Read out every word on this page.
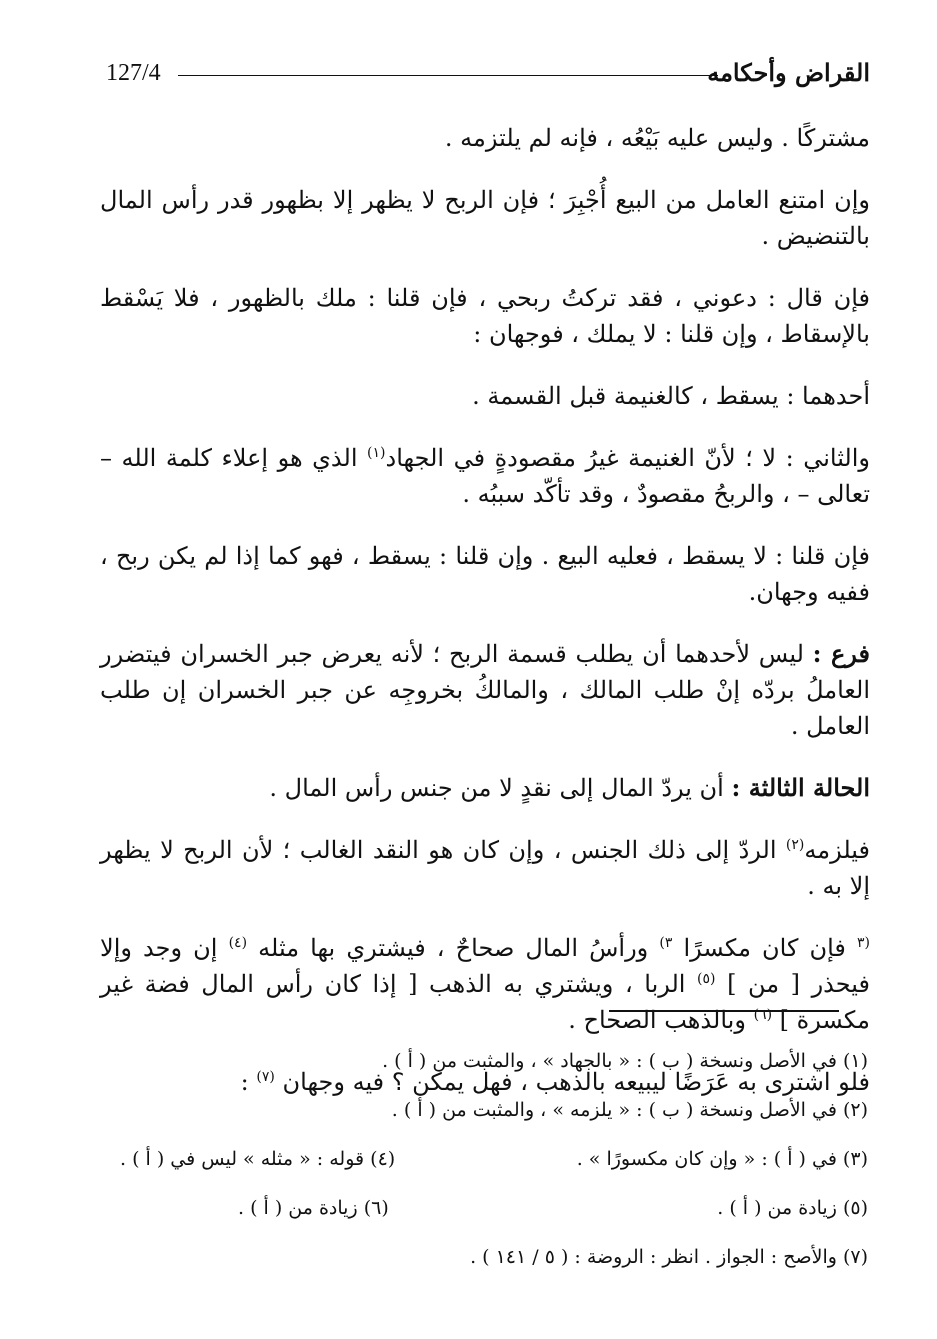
127/4	القراض وأحكامه

مشتركًا . وليس عليه بَيْعُه ، فإنه لم يلتزمه .

وإن امتنع العامل من البيع أُجْبِرَ ؛ فإن الربح لا يظهر إلا بظهور قدر رأس المال بالتنضيض .

فإن قال : دعوني ، فقد تركتُ ربحي ، فإن قلنا : ملك بالظهور ، فلا يَسْقط بالإسقاط ، وإن قلنا : لا يملك ، فوجهان :

أحدهما : يسقط ، كالغنيمة قبل القسمة .

والثاني : لا ؛ لأنّ الغنيمة غيرُ مقصودةٍ في الجهاد$^{(١)}$ الذي هو إعلاء كلمة الله – تعالى – ، والربحُ مقصودٌ ، وقد تأكّد سببُه .

فإن قلنا : لا يسقط ، فعليه البيع . وإن قلنا : يسقط ، فهو كما إذا لم يكن ربح ، ففيه وجهان.

فرع : ليس لأحدهما أن يطلب قسمة الربح ؛ لأنه يعرض جبر الخسران فيتضرر العاملُ بردّه إنْ طلب المالك ، والمالكُ بخروجِه عن جبر الخسران إن طلب العامل .

الحالة الثالثة : أن يردّ المال إلى نقدٍ لا من جنس رأس المال .

فيلزمه$^{(٢)}$ الردّ إلى ذلك الجنس ، وإن كان هو النقد الغالب ؛ لأن الربح لا يظهر إلا به .

$^{(٣}$ فإن كان مكسرًا $^{٣)}$ ورأسُ المال صحاحٌ ، فيشتري بها مثله $^{(٤)}$ إن وجد وإلا فيحذر [ من ] $^{(٥)}$ الربا ، ويشتري به الذهب [ إذا كان رأس المال فضة غير مكسرة ] $^{(٦)}$ وبالذهب الصحاح .

فلو اشترى به عَرَضًا ليبيعه بالذهب ، فهل يمكن ؟ فيه وجهان $^{(٧)}$ :

(١) في الأصل ونسخة ( ب ) : « بالجهاد » ، والمثبت من ( أ ) .
(٢) في الأصل ونسخة ( ب ) : « يلزمه » ، والمثبت من ( أ ) .
(٣) في ( أ ) : « وإن كان مكسورًا » .
(٤) قوله : « مثله » ليس في ( أ ) .
(٥) زيادة من ( أ ) .
(٦) زيادة من ( أ ) .
(٧) والأصح : الجواز . انظر : الروضة : ( ٥ / ١٤١ ) .
